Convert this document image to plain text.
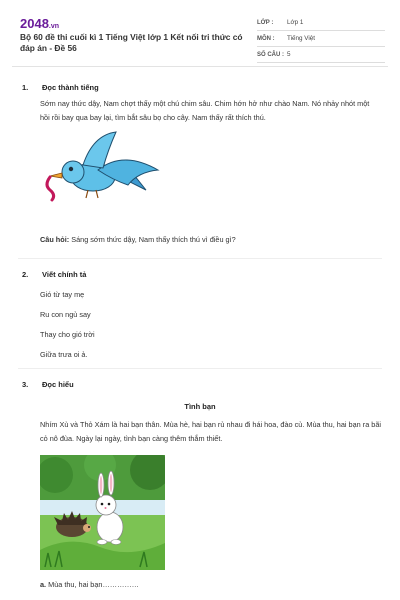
2048.vn
Bộ 60 đề thi cuối kì 1 Tiếng Việt lớp 1 Kết nối tri thức có đáp án - Đề 56
LỚP :	Lớp 1
MÔN :	Tiếng Việt
SỐ CÂU : 5
1. Đọc thành tiếng
Sớm nay thức dậy, Nam chợt thấy một chú chim sâu. Chim hớn hở như chào Nam. Nó nhảy nhót một hồi rồi bay qua bay lại, tìm bắt sâu bọ cho cây. Nam thấy rất thích thú.
Câu hỏi: Sáng sớm thức dậy, Nam thấy thích thú vì điều gì?
2. Viết chính tả
Gió từ tay mẹ
Ru con ngủ say
Thay cho gió trời
Giữa trưa oi ả.
3. Đọc hiểu
Tình bạn
Nhím Xù và Thỏ Xám là hai bạn thân. Mùa hè, hai bạn rủ nhau đi hái hoa, đào củ. Mùa thu, hai bạn ra bãi cỏ nô đùa. Ngày lại ngày, tình bạn càng thêm thắm thiết.
a. Mùa thu, hai bạn……………
